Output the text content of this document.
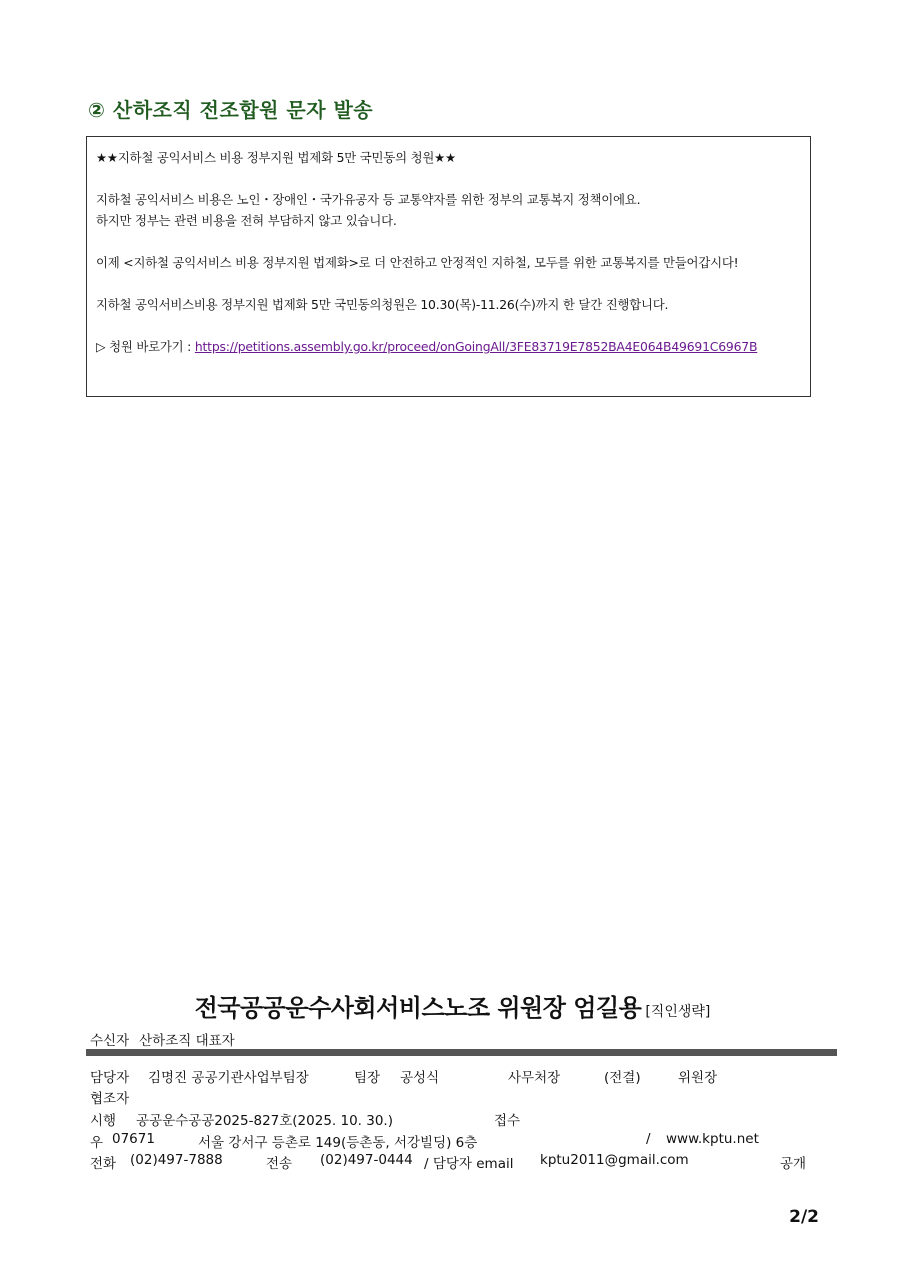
② 산하조직 전조합원 문자 발송

★★지하철 공익서비스 비용 정부지원 법제화 5만 국민동의 청원★★

지하철 공익서비스 비용은 노인・장애인・국가유공자 등 교통약자를 위한 정부의 교통복지 정책이에요.

하지만 정부는 관련 비용을 전혀 부담하지 않고 있습니다.

이제 <지하철 공익서비스 비용 정부지원 법제화>로 더 안전하고 안정적인 지하철, 모두를 위한 교통복지를 만들어갑시다!

지하철 공익서비스비용 정부지원 법제화 5만 국민동의청원은 10.30(목)-11.26(수)까지 한 달간 진행합니다.

▷ 청원 바로가기 : https://petitions.assembly.go.kr/proceed/onGoingAll/3FE83719E7852BA4E064B49691C6967B

전국공공운수사회서비스노조 위원장 엄길용 [직인생략]
수신자 산하조직 대표자
담당자 김명진 공공기관사업부팀장	팀장 공성식	사무처장	(전결)	위원장
협조자
시행 공공운수공공2025-827호(2025. 10. 30.)	접수
우 07671	서울 강서구 등촌로 149(등촌동, 서강빌딩) 6층	/ www.kptu.net
전화 (02)497-7888	전송 (02)497-0444 / 담당자 email kptu2011@gmail.com	공개
2/2
